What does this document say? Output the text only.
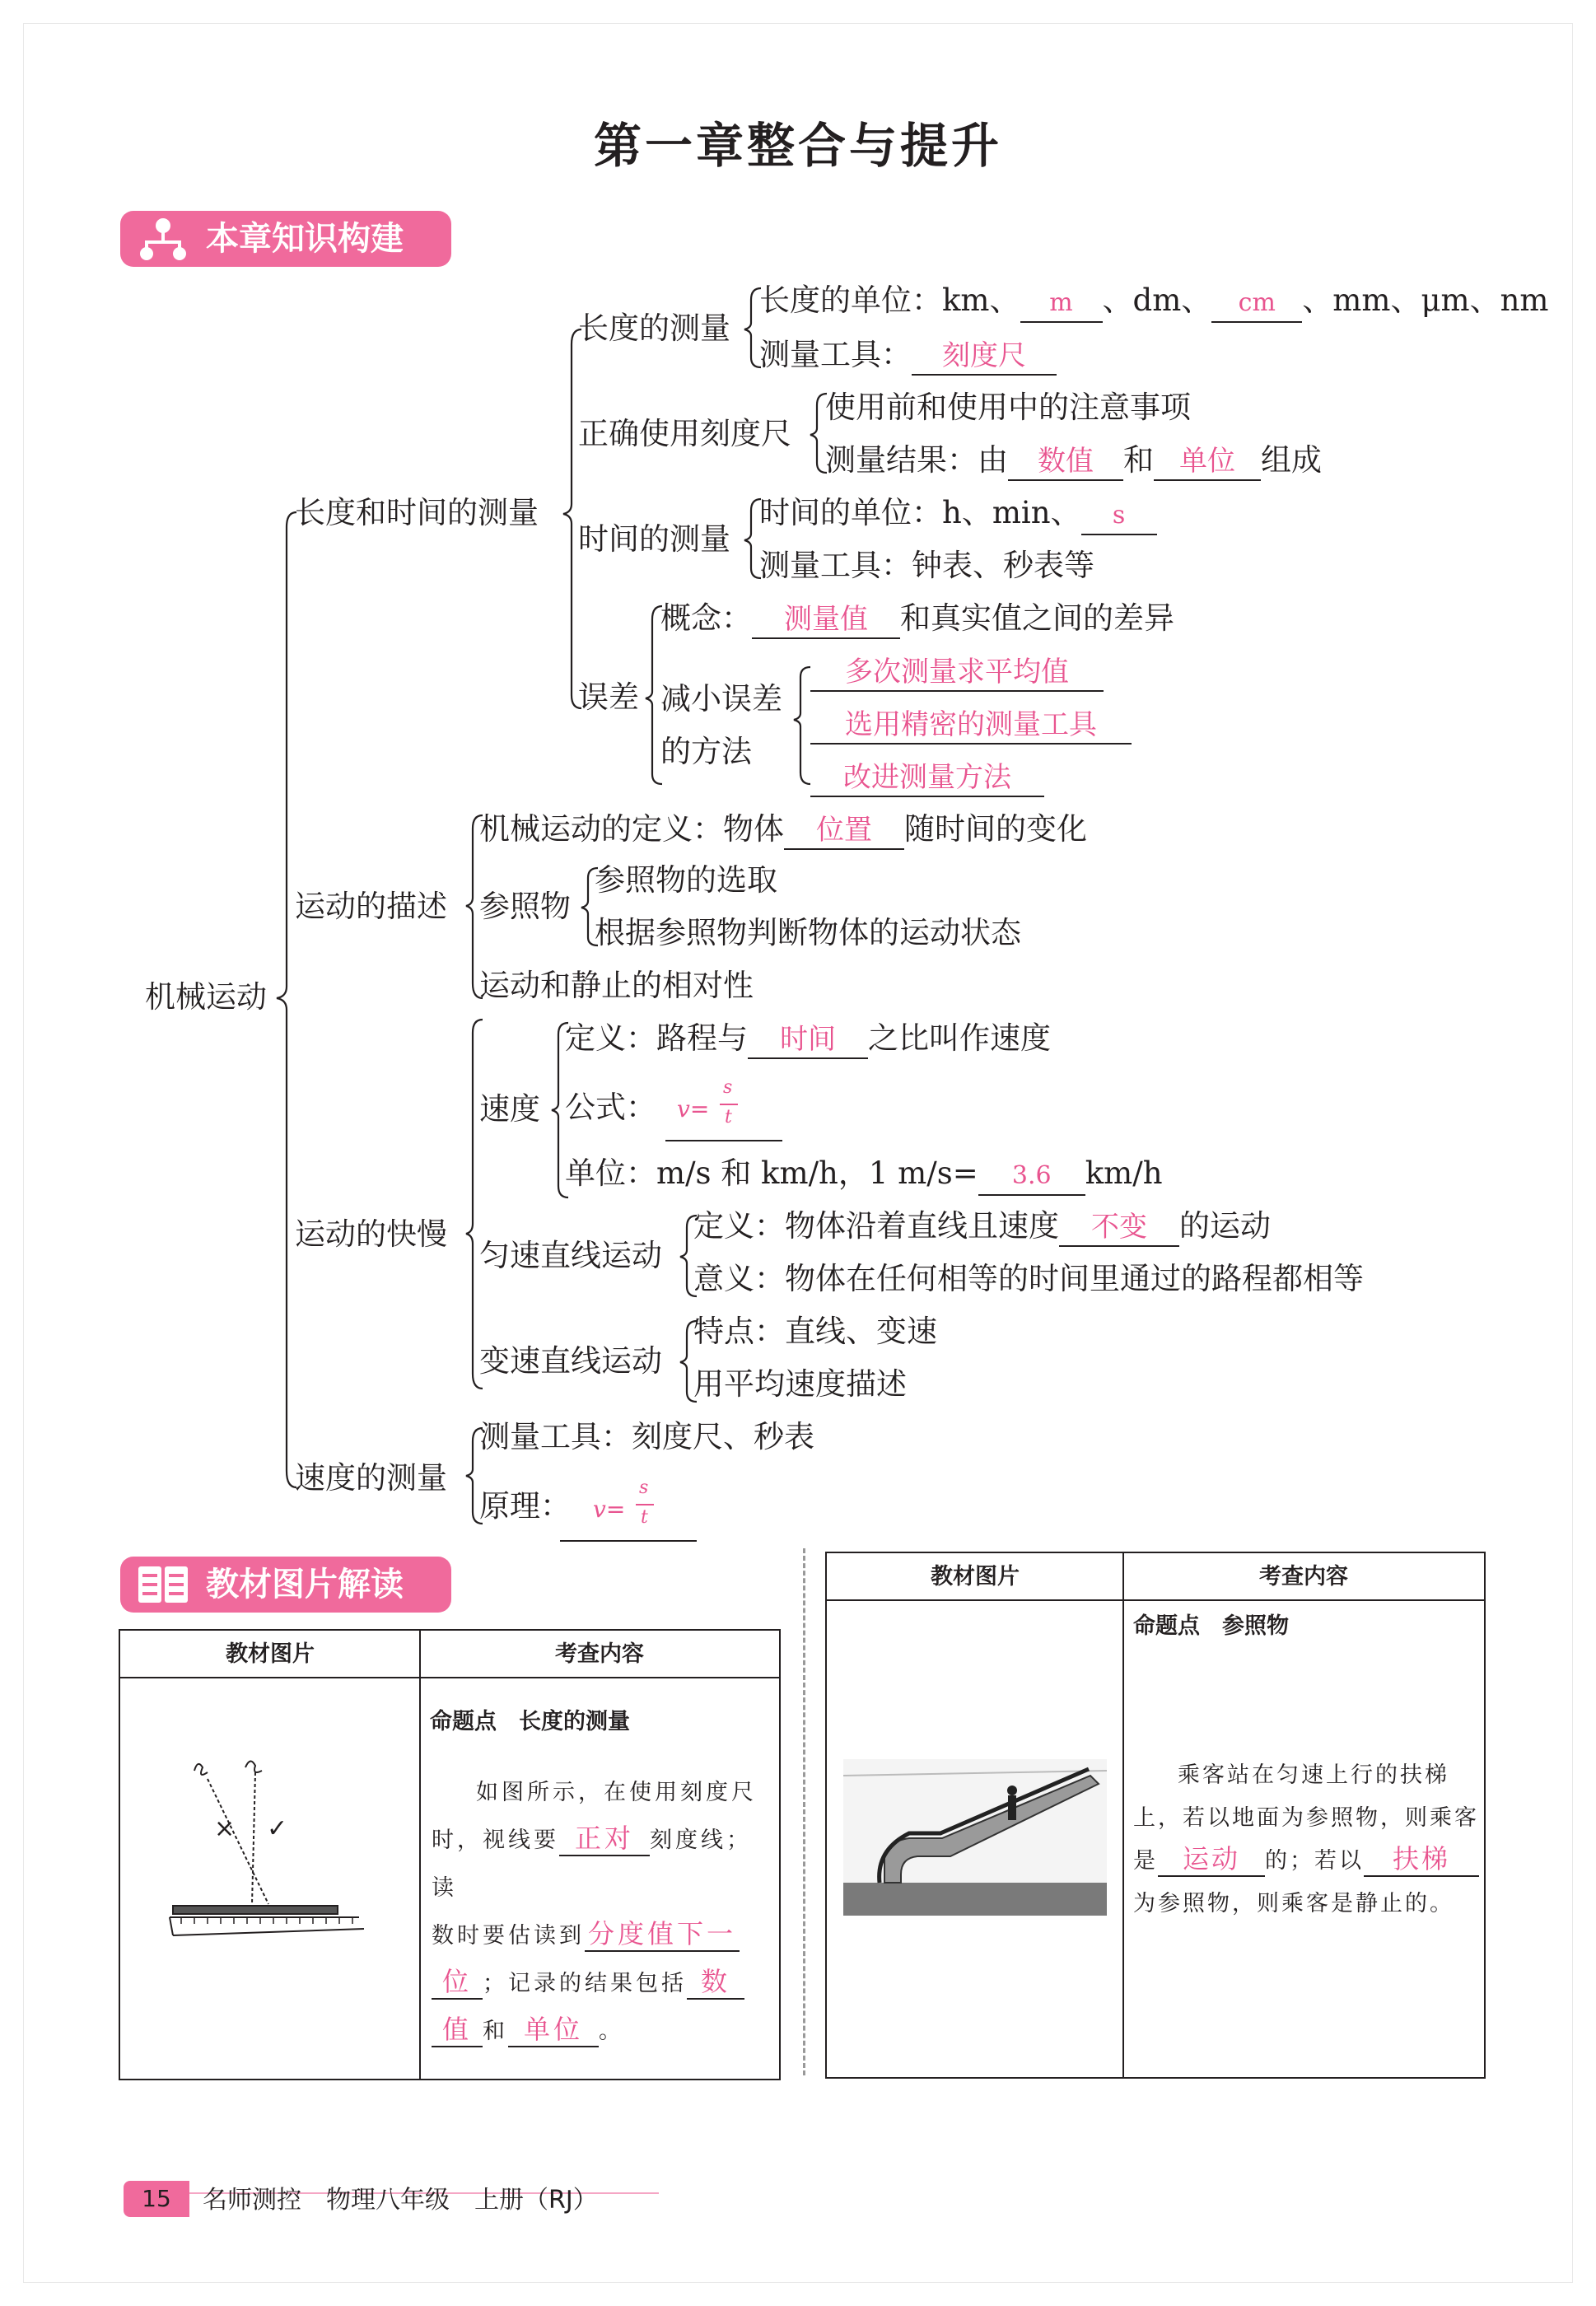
第一章整合与提升
本章知识构建
机械运动
长度和时间的测量
长度的测量
长度的单位：km、 m 、dm、 cm 、mm、μm、nm
测量工具： 刻度尺
正确使用刻度尺
使用前和使用中的注意事项
测量结果：由 数值 和 单位 组成
时间的测量
时间的单位：h、min、 s
测量工具：钟表、秒表等
误差
概念： 测量值 和真实值之间的差异
减小误差
的方法
多次测量求平均值
选用精密的测量工具
改进测量方法
运动的描述
机械运动的定义：物体 位置 随时间的变化
参照物
参照物的选取
根据参照物判断物体的运动状态
运动和静止的相对性
运动的快慢
速度
定义：路程与 时间 之比叫作速度
公式： v=
s
t
单位：m/s 和 km/h，1 m/s= 3.6 km/h
匀速直线运动
定义：物体沿着直线且速度 不变 的运动
意义：物体在任何相等的时间里通过的路程都相等
变速直线运动
特点：直线、变速
用平均速度描述
速度的测量
测量工具：刻度尺、秒表
原理： v=
s
t
教材图片解读
教材图片	考查内容
× ✓
命题点　长度的测量
如图所示，在使用刻度尺
时，视线要 正对 刻度线；读
数时要估读到 分度值下一
位 ；记录的结果包括 数
值 和 单位 。
教材图片	考查内容
命题点　参照物
乘客站在匀速上行的扶梯
上，若以地面为参照物，则乘客
是 运动 的；若以 扶梯
为参照物，则乘客是静止的。
15	名师测控　物理八年级　上册（RJ）
